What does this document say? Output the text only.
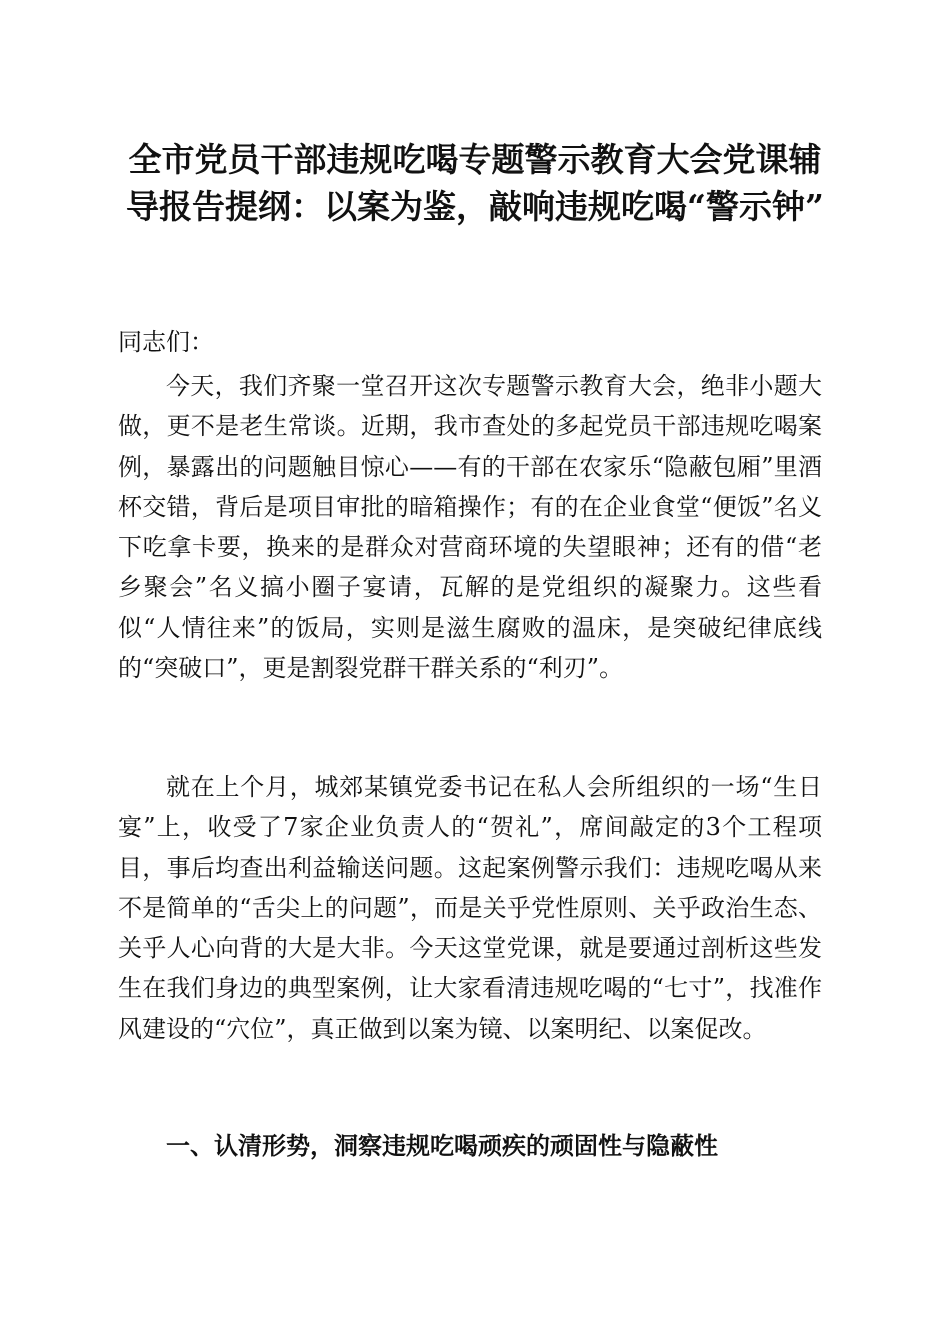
全市党员干部违规吃喝专题警示教育大会党课辅导报告提纲：以案为鉴，敲响违规吃喝“警示钟”

同志们：

今天，我们齐聚一堂召开这次专题警示教育大会，绝非小题大做，更不是老生常谈。近期，我市查处的多起党员干部违规吃喝案例，暴露出的问题触目惊心——有的干部在农家乐“隐蔽包厢”里酒杯交错，背后是项目审批的暗箱操作；有的在企业食堂“便饭”名义下吃拿卡要，换来的是群众对营商环境的失望眼神；还有的借“老乡聚会”名义搞小圈子宴请，瓦解的是党组织的凝聚力。这些看似“人情往来”的饭局，实则是滋生腐败的温床，是突破纪律底线的“突破口”，更是割裂党群干群关系的“利刃”。

就在上个月，城郊某镇党委书记在私人会所组织的一场“生日宴”上，收受了7家企业负责人的“贺礼”，席间敲定的3个工程项目，事后均查出利益输送问题。这起案例警示我们：违规吃喝从来不是简单的“舌尖上的问题”，而是关乎党性原则、关乎政治生态、关乎人心向背的大是大非。今天这堂党课，就是要通过剖析这些发生在我们身边的典型案例，让大家看清违规吃喝的“七寸”，找准作风建设的“穴位”，真正做到以案为镜、以案明纪、以案促改。

一、认清形势，洞察违规吃喝顽疾的顽固性与隐蔽性
